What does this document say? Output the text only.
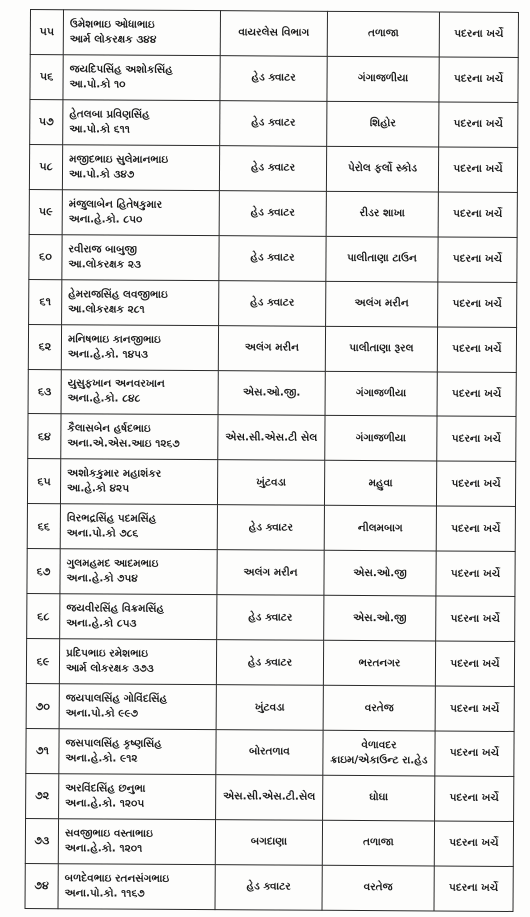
૫૫	ઉમેશભાઇ ઓધાભાઇ
આર્મ લોકરક્ષક ૩૪૪	વાયરલેસ વિભાગ	તળાજા	પદરના ખર્ચે

૫૬	જયદિપસિંહ અશોકસિંહ
આ.પો.કો ૧૦	હેડ ક્વાટર	ગંગાજળીયા	પદરના ખર્ચે

૫૭	હેતલબા પ્રવિણસિંહ
આ.પો.કો ૬૧૧	હેડ ક્વાટર	શિહોર	પદરના ખર્ચે

૫૮	મજીદભાઇ સુલેમાનભાઇ
આ.પો.કો ૩૪૭	હેડ ક્વાટર	પેરોલ ફર્લો સ્કોડ	પદરના ખર્ચે

૫૯	મંજુલાબેન હિતેષકુમાર
અના.હે.કો. ૮૫૦	હેડ ક્વાટર	રીડર શાખા	પદરના ખર્ચે

૬૦	રવીરાજ બાબુજી
આ.લોકરક્ષક ૨૩	હેડ ક્વાટર	પાલીતાણા ટાઉન	પદરના ખર્ચે

૬૧	હેમરાજસિંહ લવજીભાઇ
આ.લોકરક્ષક ૨૮૧	હેડ ક્વાટર	અલંગ મરીન	પદરના ખર્ચે

૬૨	મનિષભાઇ કાનજીભાઇ
અના.હે.કો. ૧૪૫૩	અલંગ મરીન	પાલીતાણા રૂરલ	પદરના ખર્ચે

૬૩	યુસુફખાન અનવરખાન
અના.હે.કો. ૮૪૮	એસ.ઓ.જી.	ગંગાજળીયા	પદરના ખર્ચે

૬૪	કૈલાસબેન હર્ષદભાઇ
અના.એ.એસ.આઇ ૧૨૬૭	એસ.સી.એસ.ટી સેલ	ગંગાજળીયા	પદરના ખર્ચે

૬૫	અશોકકુમાર મહાશંકર
આ.હે.કો ૪૨૫	ખુંટવડા	મહુવા	પદરના ખર્ચે

૬૬	વિરભદ્રસિંહ પદમસિંહ
અના.પો.કો ૭૮૬	હેડ ક્વાટર	નીલમબાગ	પદરના ખર્ચે

૬૭	ગુલમહમદ આદમભાઇ
અના.હે.કો ૭૫૪	અલંગ મરીન	એસ.ઓ.જી	પદરના ખર્ચે

૬૮	જયવીરસિંહ વિક્રમસિંહ
અના.હે.કો ૮૫૩	હેડ ક્વાટર	એસ.ઓ.જી	પદરના ખર્ચે

૬૯	પ્રદિપભાઇ રમેશભાઇ
આર્મ લોકરક્ષક ૩૭૩	હેડ ક્વાટર	ભરતનગર	પદરના ખર્ચે

૭૦	જયપાલસિંહ ગોવિંદસિંહ
અના.પો.કો ૯૯૭	ખુંટવડા	વરતેજ	પદરના ખર્ચે

૭૧	જસપાલસિંહ કૃષ્ણસિંહ
અના.હે.કો. ૯૧૨	બોરતળાવ	વેળાવદર
ક્રાઇમ/એકાઉન્ટ રા.હેડ	પદરના ખર્ચે

૭૨	અરવિંદસિંહ છનુભા
અના.હે.કો. ૧૨૦૫	એસ.સી.એસ.ટી.સેલ	ઘોઘા	પદરના ખર્ચે

૭૩	સવજીભાઇ વસ્તાભાઇ
અના.હે.કો. ૧૨૦૧	બગદાણા	તળાજા	પદરના ખર્ચે

૭૪	બળદેવભાઇ રતનસંગભાઇ
અના.પો.કો. ૧૧૬૭	હેડ ક્વાટર	વરતેજ	પદરના ખર્ચે
